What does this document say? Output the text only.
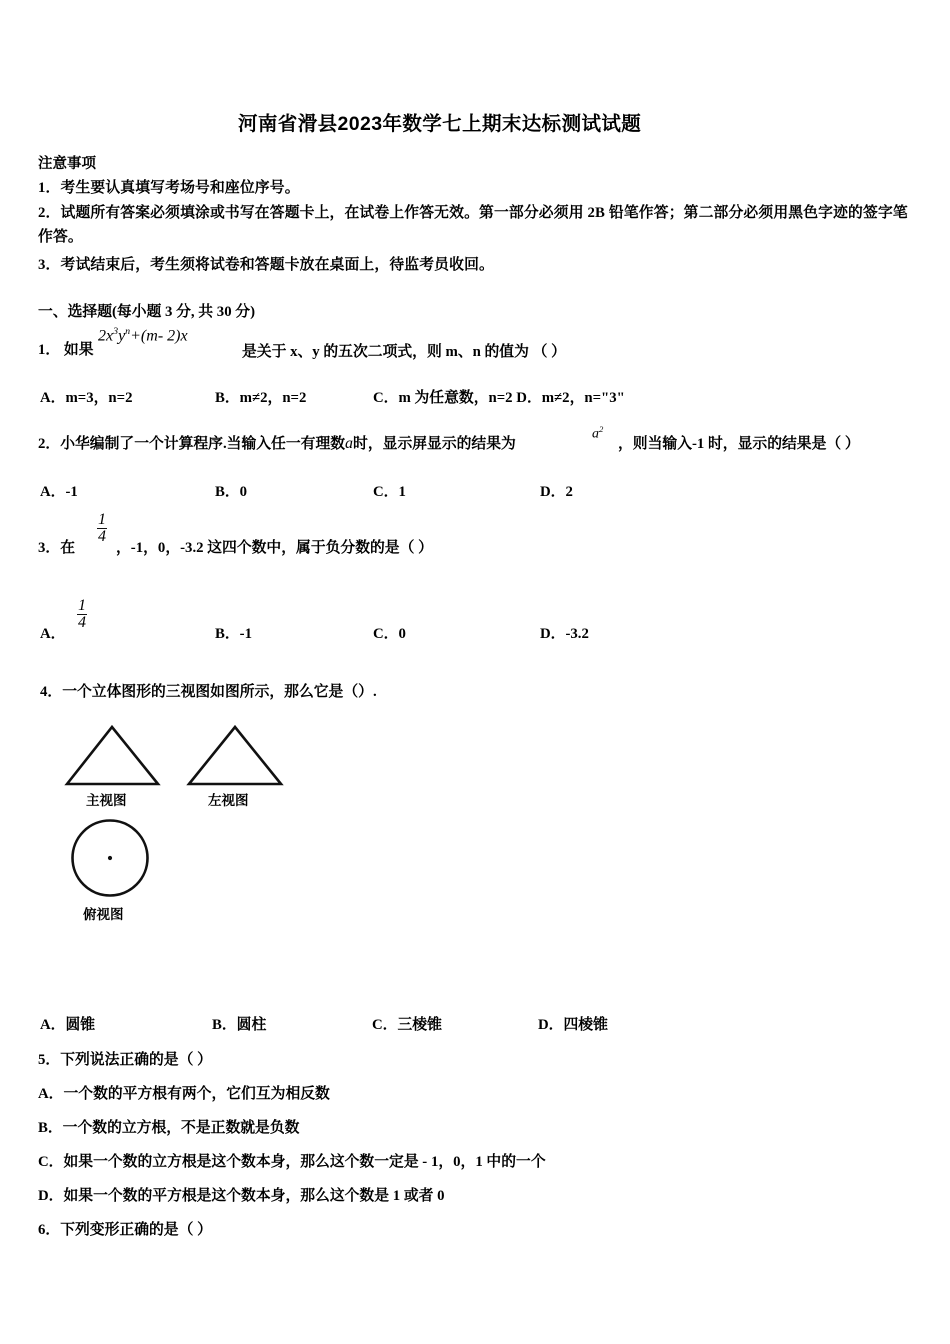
河南省滑县2023年数学七上期末达标测试试题
注意事项
1．考生要认真填写考场号和座位序号。
2．试题所有答案必须填涂或书写在答题卡上，在试卷上作答无效。第一部分必须用 2B 铅笔作答；第二部分必须用黑色字迹的签字笔作答。
3．考试结束后，考生须将试卷和答题卡放在桌面上，待监考员收回。
一、选择题(每小题 3 分, 共 30 分)
1． 如果
$2x^3y^n+(m-$ 2)x
是关于 x、y 的五次二项式，则 m、n 的值为 （ ）
A．m=3，n=2	B．m≠2，n=2	C．m 为任意数，n=2 D．m≠2，n="3"
2．小华编制了一个计算程序.当输入任一有理数a时，显示屏显示的结果为
$a^2$
，则当输入-1 时，显示的结果是（ ）
A．-1	B．0	C．1	D．2
3．在
1
4
，-1，0，-3.2 这四个数中，属于负分数的是（ ）
A．	B．-1	C．0	D．-3.2
1
4
4．一个立体图形的三视图如图所示，那么它是（）.
主视图	左视图
俯视图
A．圆锥	B．圆柱	C．三棱锥	D．四棱锥
5．下列说法正确的是（ ）
A．一个数的平方根有两个，它们互为相反数
B．一个数的立方根，不是正数就是负数
C．如果一个数的立方根是这个数本身，那么这个数一定是 - 1，0，1 中的一个
D．如果一个数的平方根是这个数本身，那么这个数是 1 或者 0
6．下列变形正确的是（ ）
